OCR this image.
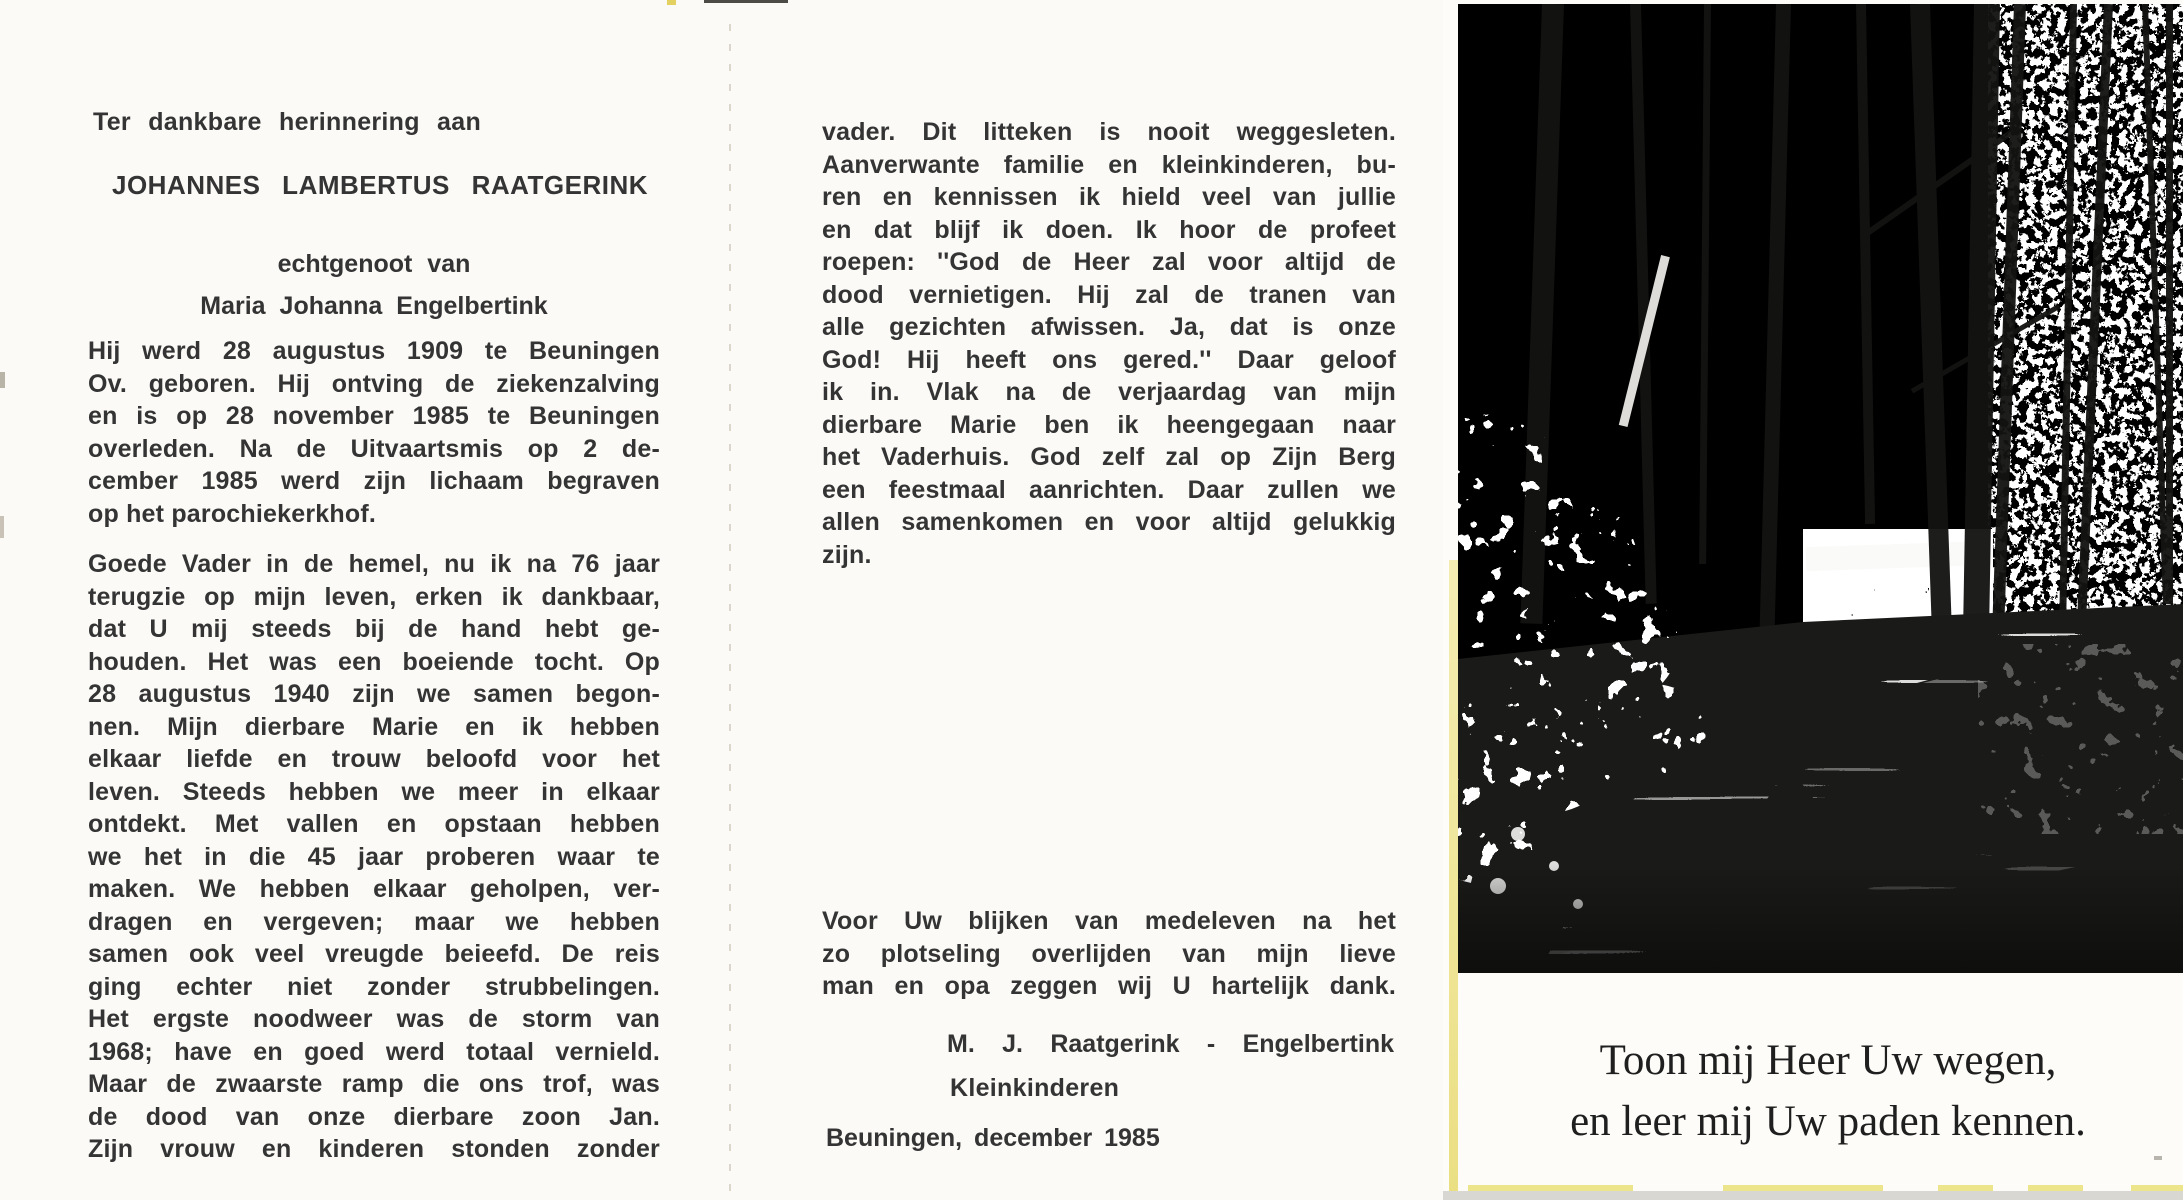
Ter dankbare herinnering aan
JOHANNES LAMBERTUS RAATGERINK
echtgenoot van
Maria Johanna Engelbertink
Hij werd 28 augustus 1909 te Beuningen
Ov. geboren. Hij ontving de ziekenzalving
en is op 28 november 1985 te Beuningen
overleden. Na de Uitvaartsmis op 2 de-
cember 1985 werd zijn lichaam begraven
op het parochiekerkhof.
Goede Vader in de hemel, nu ik na 76 jaar
terugzie op mijn leven, erken ik dankbaar,
dat U mij steeds bij de hand hebt ge-
houden. Het was een boeiende tocht. Op
28 augustus 1940 zijn we samen begon-
nen. Mijn dierbare Marie en ik hebben
elkaar liefde en trouw beloofd voor het
leven. Steeds hebben we meer in elkaar
ontdekt. Met vallen en opstaan hebben
we het in die 45 jaar proberen waar te
maken. We hebben elkaar geholpen, ver-
dragen en vergeven; maar we hebben
samen ook veel vreugde beieefd. De reis
ging echter niet zonder strubbelingen.
Het ergste noodweer was de storm van
1968; have en goed werd totaal vernield.
Maar de zwaarste ramp die ons trof, was
de dood van onze dierbare zoon Jan.
Zijn vrouw en kinderen stonden zonder
vader. Dit litteken is nooit weggesleten.
Aanverwante familie en kleinkinderen, bu-
ren en kennissen ik hield veel van jullie
en dat blijf ik doen. Ik hoor de profeet
roepen: ''God de Heer zal voor altijd de
dood vernietigen. Hij zal de tranen van
alle gezichten afwissen. Ja, dat is onze
God! Hij heeft ons gered.'' Daar geloof
ik in. Vlak na de verjaardag van mijn
dierbare Marie ben ik heengegaan naar
het Vaderhuis. God zelf zal op Zijn Berg
een feestmaal aanrichten. Daar zullen we
allen samenkomen en voor altijd gelukkig
zijn.
Voor Uw blijken van medeleven na het
zo plotseling overlijden van mijn lieve
man en opa zeggen wij U hartelijk dank.
M. J. Raatgerink - Engelbertink
Kleinkinderen
Beuningen, december 1985
Toon mij Heer Uw wegen,
en leer mij Uw paden kennen.
